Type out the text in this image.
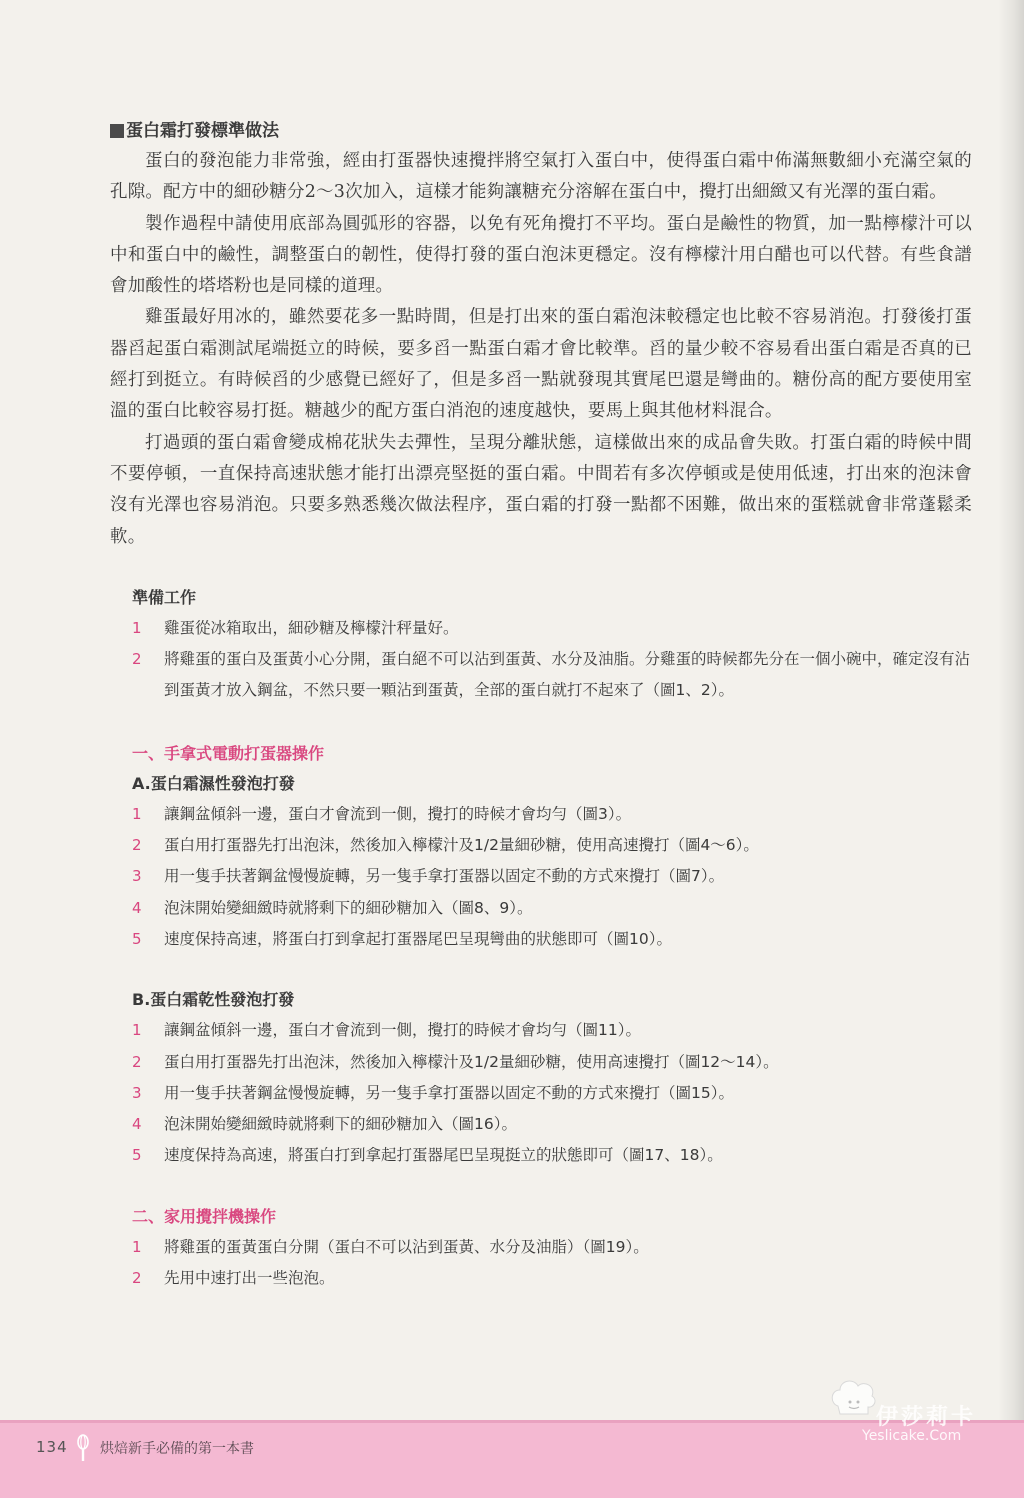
蛋白霜打發標準做法

蛋白的發泡能力非常強，經由打蛋器快速攪拌將空氣打入蛋白中，使得蛋白霜中佈滿無數細小充滿空氣的孔隙。配方中的細砂糖分2～3次加入，這樣才能夠讓糖充分溶解在蛋白中，攪打出細緻又有光澤的蛋白霜。

製作過程中請使用底部為圓弧形的容器，以免有死角攪打不平均。蛋白是鹼性的物質，加一點檸檬汁可以中和蛋白中的鹼性，調整蛋白的韌性，使得打發的蛋白泡沫更穩定。沒有檸檬汁用白醋也可以代替。有些食譜會加酸性的塔塔粉也是同樣的道理。

雞蛋最好用冰的，雖然要花多一點時間，但是打出來的蛋白霜泡沫較穩定也比較不容易消泡。打發後打蛋器舀起蛋白霜測試尾端挺立的時候，要多舀一點蛋白霜才會比較準。舀的量少較不容易看出蛋白霜是否真的已經打到挺立。有時候舀的少感覺已經好了，但是多舀一點就發現其實尾巴還是彎曲的。糖份高的配方要使用室溫的蛋白比較容易打挺。糖越少的配方蛋白消泡的速度越快，要馬上與其他材料混合。

打過頭的蛋白霜會變成棉花狀失去彈性，呈現分離狀態，這樣做出來的成品會失敗。打蛋白霜的時候中間不要停頓，一直保持高速狀態才能打出漂亮堅挺的蛋白霜。中間若有多次停頓或是使用低速，打出來的泡沫會沒有光澤也容易消泡。只要多熟悉幾次做法程序，蛋白霜的打發一點都不困難，做出來的蛋糕就會非常蓬鬆柔軟。

準備工作
1	雞蛋從冰箱取出，細砂糖及檸檬汁秤量好。
2	將雞蛋的蛋白及蛋黃小心分開，蛋白絕不可以沾到蛋黃、水分及油脂。分雞蛋的時候都先分在一個小碗中，確定沒有沾到蛋黃才放入鋼盆，不然只要一顆沾到蛋黃，全部的蛋白就打不起來了（圖1、2）。
一、手拿式電動打蛋器操作
A.蛋白霜濕性發泡打發
1	讓鋼盆傾斜一邊，蛋白才會流到一側，攪打的時候才會均勻（圖3）。
2	蛋白用打蛋器先打出泡沫，然後加入檸檬汁及1/2量細砂糖，使用高速攪打（圖4～6）。
3	用一隻手扶著鋼盆慢慢旋轉，另一隻手拿打蛋器以固定不動的方式來攪打（圖7）。
4	泡沫開始變細緻時就將剩下的細砂糖加入（圖8、9）。
5	速度保持高速，將蛋白打到拿起打蛋器尾巴呈現彎曲的狀態即可（圖10）。
B.蛋白霜乾性發泡打發
1	讓鋼盆傾斜一邊，蛋白才會流到一側，攪打的時候才會均勻（圖11）。
2	蛋白用打蛋器先打出泡沫，然後加入檸檬汁及1/2量細砂糖，使用高速攪打（圖12～14）。
3	用一隻手扶著鋼盆慢慢旋轉，另一隻手拿打蛋器以固定不動的方式來攪打（圖15）。
4	泡沫開始變細緻時就將剩下的細砂糖加入（圖16）。
5	速度保持為高速，將蛋白打到拿起打蛋器尾巴呈現挺立的狀態即可（圖17、18）。
二、家用攪拌機操作
1	將雞蛋的蛋黃蛋白分開（蛋白不可以沾到蛋黃、水分及油脂）（圖19）。
2	先用中速打出一些泡泡。
134 烘焙新手必備的第一本書
伊莎莉卡
Yeslicake.Com
